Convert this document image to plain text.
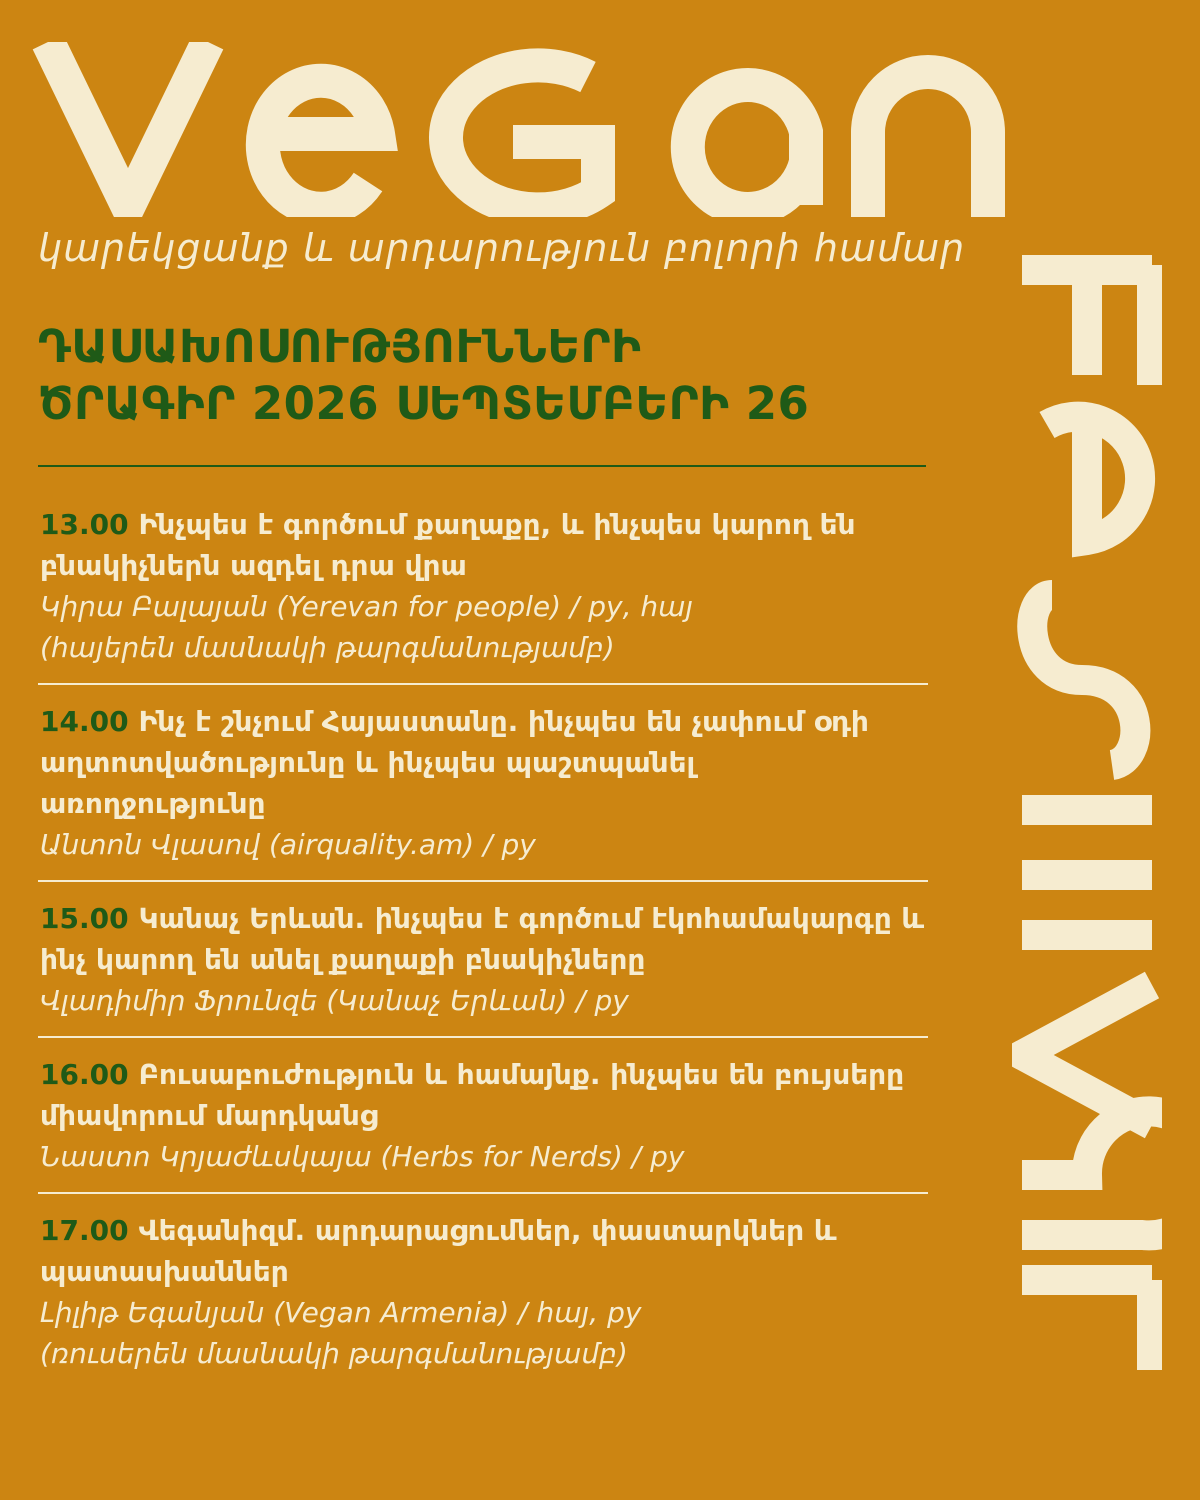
կարեկցանք և արդարություն բոլորի համար
ԴԱՍԱԽՈՍՈՒԹՅՈՒՆՆԵՐԻ
ԾՐԱԳԻՐ 2026 ՍԵՊՏԵՄԲԵՐԻ 26
13.00 Ինչպես է գործում քաղաքը, և ինչպես կարող են բնակիչներն ազդել դրա վրա
Կիրա Բալայան (Yerevan for people) / ру, հայ
(հայերեն մասնակի թարգմանությամբ)
14.00 Ինչ է շնչում Հայաստանը. ինչպես են չափում օդի աղտոտվածությունը և ինչպես պաշտպանել առողջությունը
Անտոն Վլասով (airquality.am) / ру
15.00 Կանաչ Երևան. ինչպես է գործում էկոհամակարգը և ինչ կարող են անել քաղաքի բնակիչները
Վլադիմիր Ֆրունզե (Կանաչ Երևան) / ру
16.00 Բուսաբուժություն և համայնք. ինչպես են բույսերը միավորում մարդկանց
Նաստո Կրյաժևսկայա (Herbs for Nerds) / ру
17.00 Վեգանիզմ. արդարացումներ, փաստարկներ և պատասխաններ
Լիլիթ Եգանյան (Vegan Armenia) / հայ, ру
(ռուսերեն մասնակի թարգմանությամբ)
